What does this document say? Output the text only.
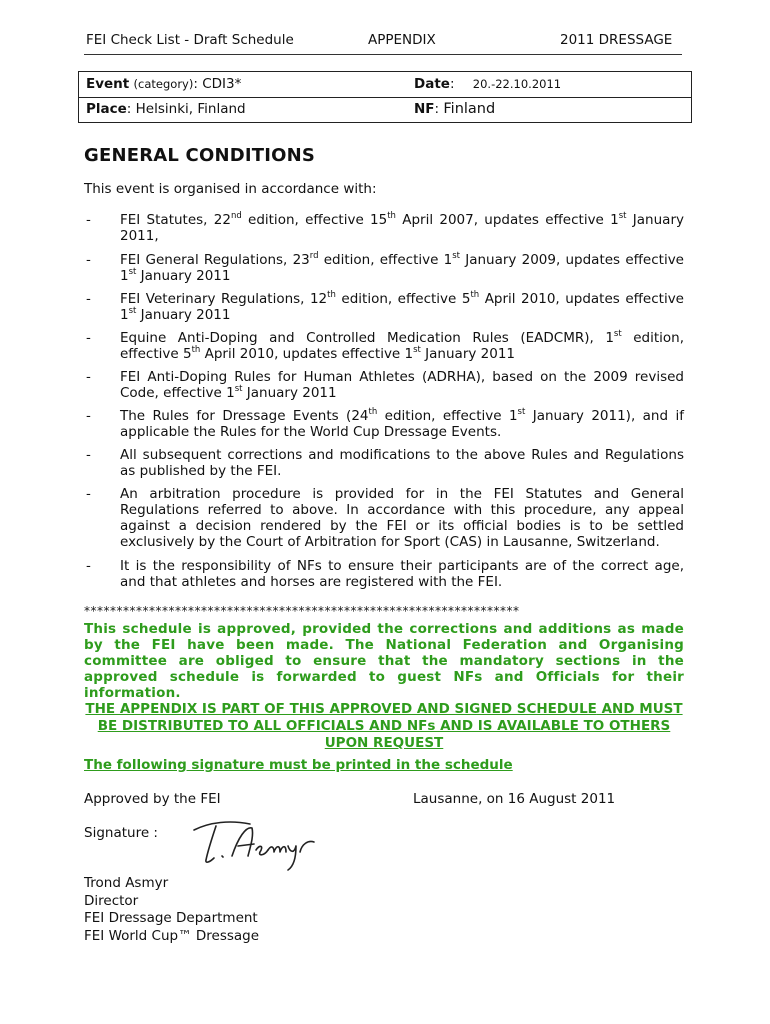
FEI Check List - Draft Schedule	APPENDIX	2011 DRESSAGE
Event (category): CDI3*	Date: 20.-22.10.2011
Place: Helsinki, Finland	NF: Finland
GENERAL CONDITIONS
This event is organised in accordance with:
- FEI Statutes, 22nd edition, effective 15th April 2007, updates effective 1st January 2011,
- FEI General Regulations, 23rd edition, effective 1st January 2009, updates effective 1st January 2011
- FEI Veterinary Regulations, 12th edition, effective 5th April 2010, updates effective 1st January 2011
- Equine Anti-Doping and Controlled Medication Rules (EADCMR), 1st edition, effective 5th April 2010, updates effective 1st January 2011
- FEI Anti-Doping Rules for Human Athletes (ADRHA), based on the 2009 revised Code, effective 1st January 2011
- The Rules for Dressage Events (24th edition, effective 1st January 2011), and if applicable the Rules for the World Cup Dressage Events.
- All subsequent corrections and modifications to the above Rules and Regulations as published by the FEI.
- An arbitration procedure is provided for in the FEI Statutes and General Regulations referred to above. In accordance with this procedure, any appeal against a decision rendered by the FEI or its official bodies is to be settled exclusively by the Court of Arbitration for Sport (CAS) in Lausanne, Switzerland.
- It is the responsibility of NFs to ensure their participants are of the correct age, and that athletes and horses are registered with the FEI.
*******************************************************************
This schedule is approved, provided the corrections and additions as made by the FEI have been made. The National Federation and Organising committee are obliged to ensure that the mandatory sections in the approved schedule is forwarded to guest NFs and Officials for their information.
THE APPENDIX IS PART OF THIS APPROVED AND SIGNED SCHEDULE AND MUST BE DISTRIBUTED TO ALL OFFICIALS AND NFs AND IS AVAILABLE TO OTHERS UPON REQUEST
The following signature must be printed in the schedule
Approved by the FEI	Lausanne, on 16 August 2011
Signature :
Trond Asmyr
Director
FEI Dressage Department
FEI World Cup™ Dressage
